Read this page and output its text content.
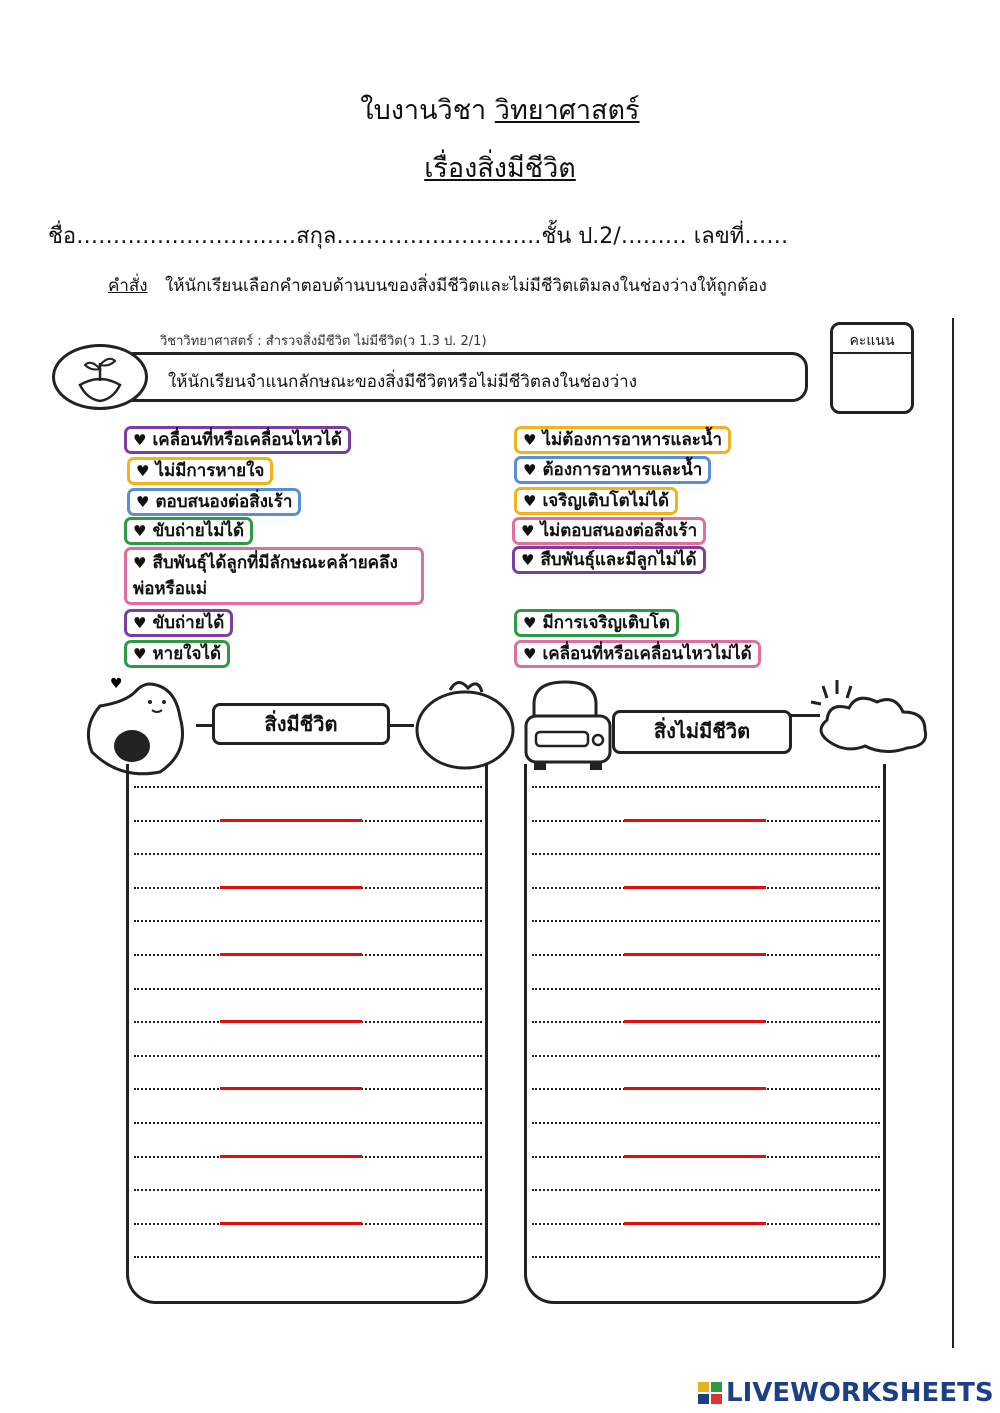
ใบงานวิชา วิทยาศาสตร์
เรื่องสิ่งมีชีวิต
ชื่อ…………………………สกุล……………………….ชั้น ป.2/……… เลขที่……
คำสั่ง ให้นักเรียนเลือกคำตอบด้านบนของสิ่งมีชีวิตและไม่มีชีวิตเติมลงในช่องว่างให้ถูกต้อง
วิชาวิทยาศาสตร์ : สำรวจสิ่งมีชีวิต ไม่มีชีวิต(ว 1.3 ป. 2/1)
ให้นักเรียนจำแนกลักษณะของสิ่งมีชีวิตหรือไม่มีชีวิตลงในช่องว่าง
คะแนน
♥ เคลื่อนที่หรือเคลื่อนไหวได้
♥ ไม่มีการหายใจ
♥ ตอบสนองต่อสิ่งเร้า
♥ ขับถ่ายไม่ได้
♥ สืบพันธุ์ได้ลูกที่มีลักษณะคล้ายคลึงพ่อหรือแม่
♥ ขับถ่ายได้
♥ หายใจได้
♥ ไม่ต้องการอาหารและน้ำ
♥ ต้องการอาหารและน้ำ
♥ เจริญเติบโตไม่ได้
♥ ไม่ตอบสนองต่อสิ่งเร้า
♥ สืบพันธุ์และมีลูกไม่ได้
♥ มีการเจริญเติบโต
♥ เคลื่อนที่หรือเคลื่อนไหวไม่ได้
♥
สิ่งมีชีวิต	สิ่งไม่มีชีวิต
LIVEWORKSHEETS
